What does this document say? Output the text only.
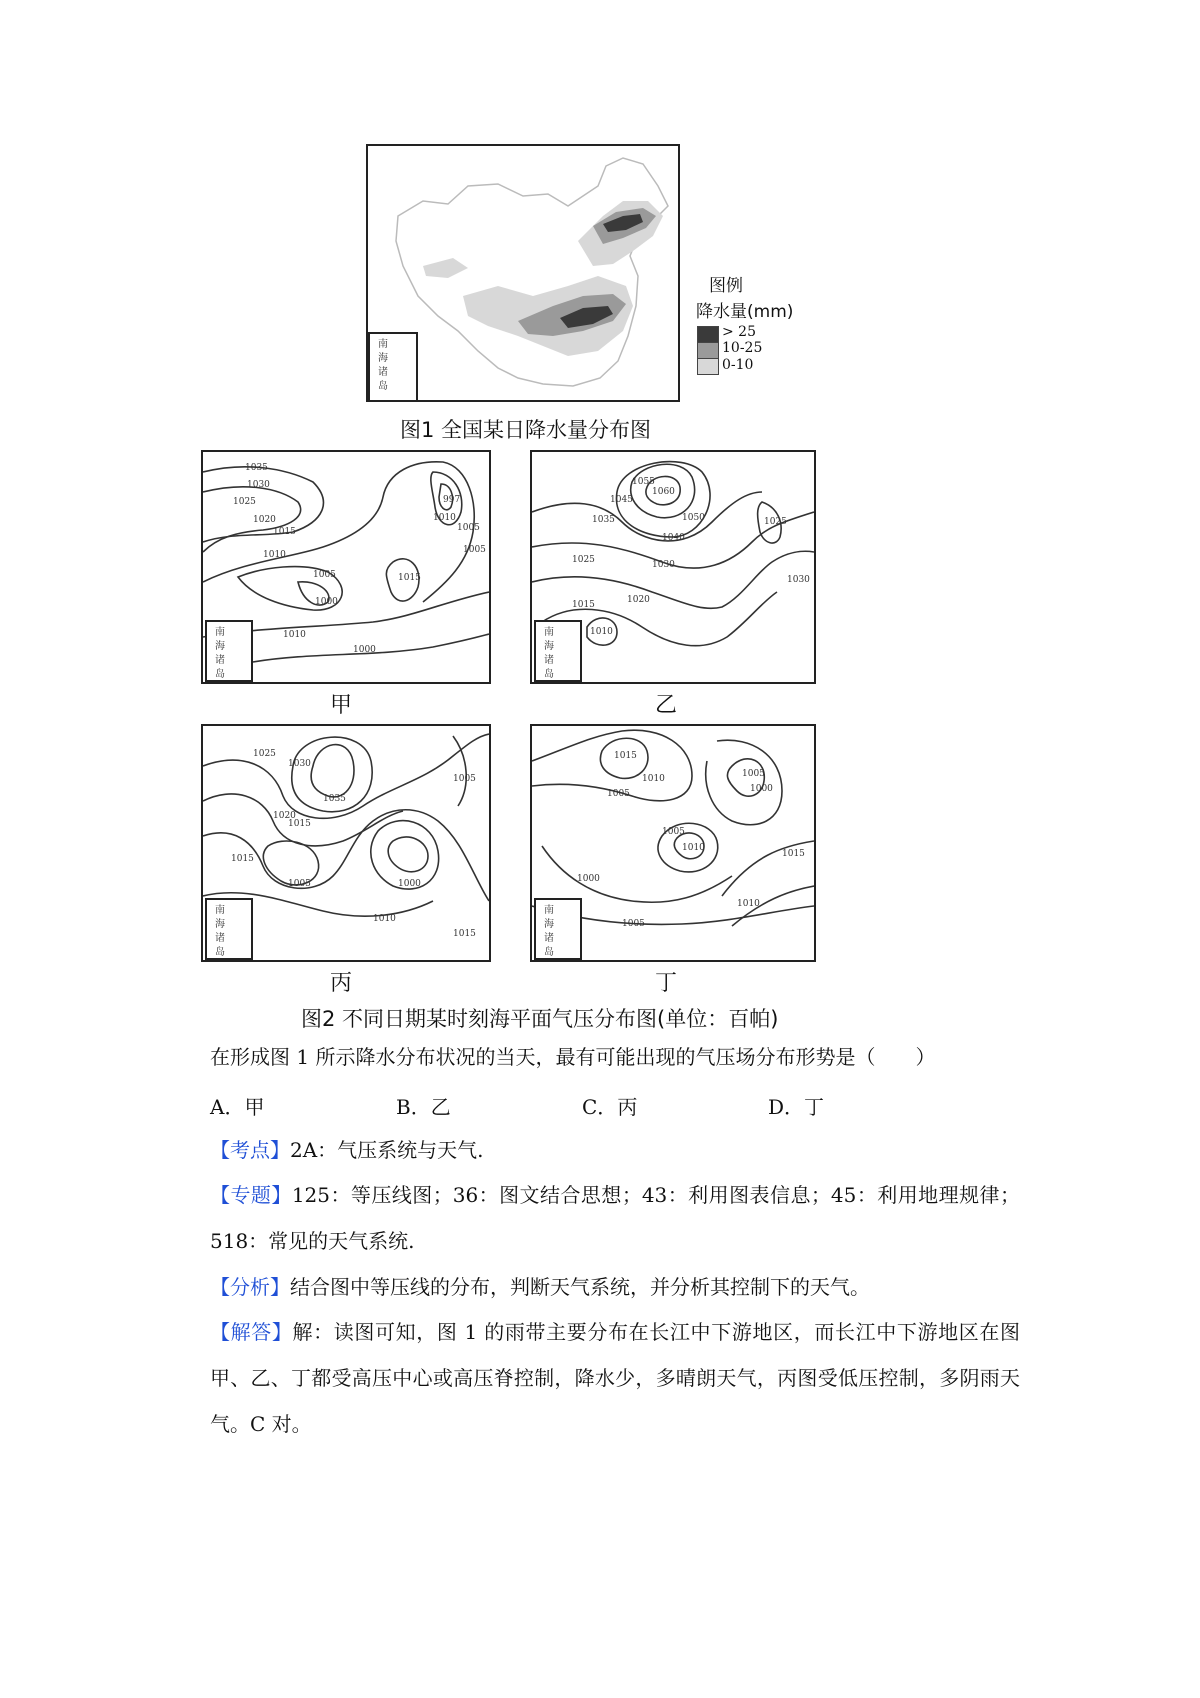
南海诸岛
图例
降水量(mm)
> 25
10-25
0-10
图1 全国某日降水量分布图
1035
1030
1025
1020
1015
1010
1005
1000
1015
1010
1005
997
1005
1000
1010
南海诸岛
甲
1060
1055
1050
1045
1040
1035
1030
1025
1020
1015
1010
1025
1030
南海诸岛
乙
1025
1030
1035
1020
1015
1015
1005	1000
1010
1005
1015
南海诸岛
丙
1015
1010
1005
1005
1010
1000
1005
1015
1010
1005
1000
南海诸岛
丁
图2 不同日期某时刻海平面气压分布图(单位：百帕)
在形成图 1 所示降水分布状况的当天，最有可能出现的气压场分布形势是（　　）
A．甲	B．乙	C．丙	D．丁
【考点】2A：气压系统与天气.
【专题】125：等压线图；36：图文结合思想；43：利用图表信息；45：利用地理规律；518：常见的天气系统.
【分析】结合图中等压线的分布，判断天气系统，并分析其控制下的天气。
【解答】解：读图可知，图 1 的雨带主要分布在长江中下游地区，而长江中下游地区在图甲、乙、丁都受高压中心或高压脊控制，降水少，多晴朗天气，丙图受低压控制，多阴雨天气。C 对。
